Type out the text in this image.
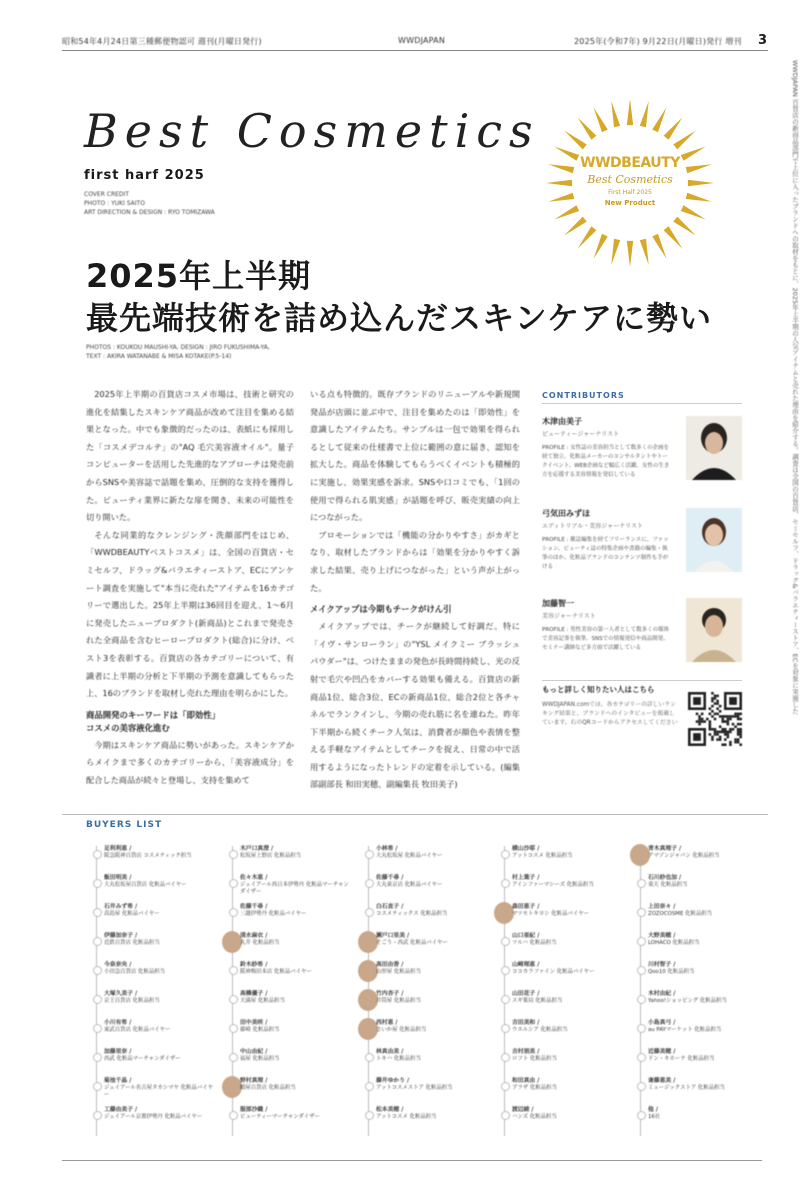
昭和54年4月24日第三種郵便物認可 週刊(月曜日発行)	WWDJAPAN	2025年(令和7年) 9月22日(月曜日)発行 増刊 3
Best Cosmetics
first harf 2025
COVER CREDIT
PHOTO : YUKI SAITO
ART DIRECTION & DESIGN : RYO TOMIZAWA
WWDBEAUTY
Best Cosmetics
First Half 2025
New Product
2025年上半期
最先端技術を詰め込んだスキンケアに勢い
PHOTOS : KOUKOU MAUSHI-YA, DESIGN : JIRO FUKUSHIMA-YA,
TEXT : AKIRA WATANABE & MISA KOTAKE(P.5-14)

2025年上半期の百貨店コスメ市場は、技術と研究の進化を結集したスキンケア商品が改めて注目を集める結果となった。中でも象徴的だったのは、表紙にも採用した「コスメデコルテ」の"AQ 毛穴美容液オイル"。量子コンピューターを活用した先進的なアプローチは発売前からSNSや美容誌で話題を集め、圧倒的な支持を獲得した。ビューティ業界に新たな扉を開き、未来の可能性を切り開いた。

そんな同業的なクレンジング・洗顔部門をはじめ、「WWDBEAUTYベストコスメ」は、全国の百貨店・セミセルフ、ドラッグ&バラエティーストア、ECにアンケート調査を実施して"本当に売れた"アイテムを16カテゴリーで選出した。25年上半期は36回目を迎え、1〜6月に発売したニュープロダクト(新商品)とこれまで発売された全商品を含むヒーロープロダクト(総合)に分け、ベスト3を表彰する。百貨店の各カテゴリーについて、有識者に上半期の分析と下半期の予測を意識してもらった上、16のブランドを取材し売れた理由を明らかにした。

商品開発のキーワードは「即効性」
コスメの美容液化進む

今期はスキンケア商品に勢いがあった。スキンケアからメイクまで多くのカテゴリーから、「美容液成分」を配合した商品が続々と登場し、支持を集めて

いる点も特徴的。既存ブランドのリニューアルや新規開発品が店頭に並ぶ中で、注目を集めたのは「即効性」を意識したアイテムたち。サンプルは一包で効果を得られるとして従来の仕様書で上位に範囲の意に届き、認知を拡大した。商品を体験してもらうべくイベントも積極的に実施し、効果実感を訴求。SNSや口コミでも、「1回の使用で得られる肌実感」が話題を呼び、販売実績の向上につながった。

プロモーションでは「機能の分かりやすさ」がカギとなり、取材したブランドからは「効果を分かりやすく訴求した結果、売り上げにつながった」という声が上がった。

メイクアップは今期もチークがけん引

メイクアップでは、チークが継続して好調だ。特に「イヴ・サンローラン」の"YSL メイクミー ブラッシュ パウダー"は、つけたままの発色が長時間持続し、光の反射で毛穴や凹凸をカバーする効果も備える。百貨店の新商品1位、総合3位、ECの新商品1位、総合2位と各チャネルでランクインし、今期の売れ筋に名を連ねた。昨年下半期から続くチーク人気は、消費者が顔色や表情を整える手軽なアイテムとしてチークを捉え、日常の中で活用するようになったトレンドの定着を示している。(編集部副部長 和田実穂、副編集長 牧田美子)

CONTRIBUTORS
木津由美子
ビューティージャーナリスト
PROFILE : 女性誌の美容担当として数多くの企画を経て独立。化粧品メーカーのコンサルタントやトークイベント、WEB企画など幅広く活躍。女性の生き方を応援する美容情報を発信している
弓気田みずほ
エディトリアル・美容ジャーナリスト
PROFILE : 雑誌編集を経てフリーランスに。ファッション、ビューティ誌の特集企画や書籍の編集・執筆のほか、化粧品ブランドのコンテンツ制作も手がける
加藤智一
美容ジャーナリスト
PROFILE : 男性美容の第一人者として数多くの媒体で美容記事を執筆。SNSでの情報発信や商品開発、セミナー講師など多方面で活躍している
もっと詳しく知りたい人はこちら
WWDJAPAN.comでは、各カテゴリーの詳しいランキング結果と、ブランドへのインタビューを掲載しています。右のQRコードからアクセスしてください
WWDJAPAN 百貨店の新商品部門で上位に入ったブランドへの取材をもとに、2025年上半期の人気アイテムと売れた理由を紹介する。調査は全国の百貨店、セミセルフ、ドラッグ&バラエティーストア、ECを対象に実施した
BUYERS LIST
足利利恵 /
阪急阪神百貨店 コスメティック担当
飯田明美 /
大丸松坂屋百貨店 化粧品バイヤー
石井みず希 /
高島屋 化粧品バイヤー
伊藤加奈子 /
近鉄百貨店 化粧品担当
今泉奈央 /
小田急百貨店 化粧品担当
大塚久美子 /
京王百貨店 化粧品担当
小川有希 /
東武百貨店 化粧品バイヤー
加藤里奈 /
西武 化粧品マーチャンダイザー
菊池千晶 /
ジェイアール名古屋タカシマヤ 化粧品バイヤー
工藤由美子 /
ジェイアール京都伊勢丹 化粧品バイヤー
木戸口真澄 /
松坂屋上野店 化粧品担当
佐々木恵 /
ジェイアール西日本伊勢丹 化粧品マーチャンダイザー
佐藤千尋 /
三越伊勢丹 化粧品バイヤー
清水麻衣 /
丸井 化粧品担当
鈴木紗希 /
阪神梅田本店 化粧品バイヤー
高橋優子 /
天満屋 化粧品担当
田中美咲 /
藤崎 化粧品担当
中山由紀 /
福屋 化粧品担当
野村真理 /
鶴屋百貨店 化粧品担当
服部沙織 /
ビューティーマーチャンダイザー
小林希 /
大丸松坂屋 化粧品バイヤー
佐藤千尋 /
大丸東京店 化粧品バイヤー
白石直子 /
コスメティックス 化粧品担当
瀬戸口里美 /
そごう・西武 化粧品バイヤー
高田由香 /
山形屋 化粧品担当
竹内杏子 /
井筒屋 化粧品担当
西村恵 /
さいか屋 化粧品担当
林真由美 /
トキハ 化粧品担当
藤井ゆかり /
アットコスメストア 化粧品担当
松本美穂 /
アットコスメ 化粧品担当
横山沙耶 /
アットコスメ 化粧品担当
村上葉子 /
アインファーマシーズ 化粧品担当
森田恵子 /
マツモトキヨシ 化粧品バイヤー
山口亜紀 /
ツルハ 化粧品担当
山崎理恵 /
ココカラファイン 化粧品バイヤー
山田花子 /
スギ薬局 化粧品担当
吉田美和 /
ウエルシア 化粧品担当
吉村朋美 /
ロフト 化粧品担当
和田真由 /
プラザ 化粧品担当
渡辺綾 /
ハンズ 化粧品担当
青木真理子 /
アマゾンジャパン 化粧品担当
石川紗也加 /
楽天 化粧品担当
上田奈々 /
ZOZOCOSME 化粧品担当
大野美穂 /
LOHACO 化粧品担当
川村智子 /
Qoo10 化粧品担当
木村由紀 /
Yahoo!ショッピング 化粧品担当
小島真弓 /
au PAYマーケット 化粧品担当
近藤美穂 /
ドン・キホーテ 化粧品担当
斎藤恵美 /
ミュージックストア 化粧品担当
他 /
16社
